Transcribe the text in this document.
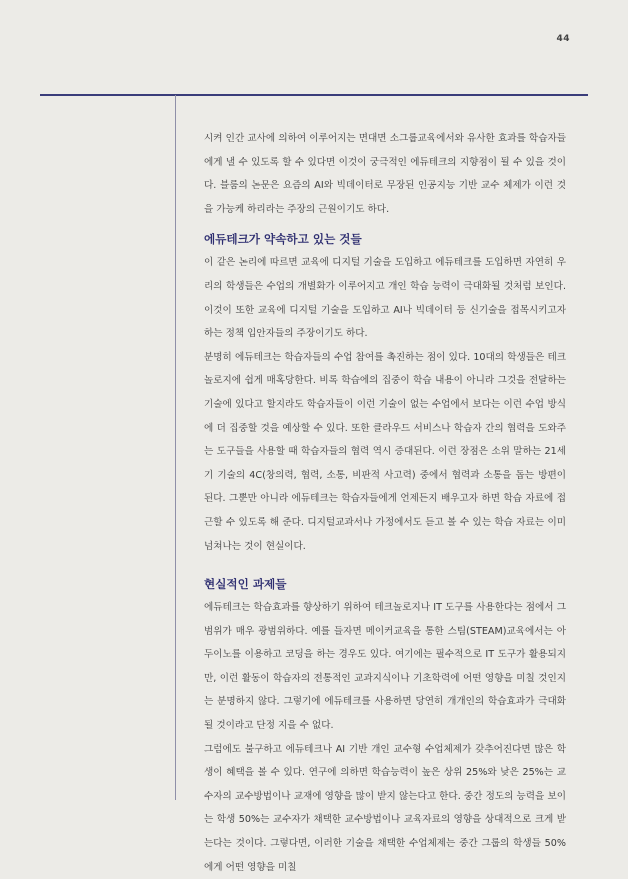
44

시켜 인간 교사에 의하여 이루어지는 면대면 소그룹교육에서와 유사한 효과를 학습자들에게 낼 수 있도록 할 수 있다면 이것이 궁극적인 에듀테크의 지향점이 될 수 있을 것이다. 블룸의 논문은 요즘의 AI와 빅데이터로 무장된 인공지능 기반 교수 체제가 이런 것을 가능케 하리라는 주장의 근원이기도 하다.

에듀테크가 약속하고 있는 것들

이 같은 논리에 따르면 교육에 디지털 기술을 도입하고 에듀테크를 도입하면 자연히 우리의 학생들은 수업의 개별화가 이루어지고 개인 학습 능력이 극대화될 것처럼 보인다. 이것이 또한 교육에 디지털 기술을 도입하고 AI나 빅데이터 등 신기술을 접목시키고자 하는 정책 입안자들의 주장이기도 하다.

분명히 에듀테크는 학습자들의 수업 참여를 촉진하는 점이 있다. 10대의 학생들은 테크놀로지에 쉽게 매혹당한다. 비록 학습에의 집중이 학습 내용이 아니라 그것을 전달하는 기술에 있다고 할지라도 학습자들이 이런 기술이 없는 수업에서 보다는 이런 수업 방식에 더 집중할 것을 예상할 수 있다. 또한 클라우드 서비스나 학습자 간의 협력을 도와주는 도구들을 사용할 때 학습자들의 협력 역시 증대된다. 이런 장점은 소위 말하는 21세기 기술의 4C(창의력, 협력, 소통, 비판적 사고력) 중에서 협력과 소통을 돕는 방편이 된다. 그뿐만 아니라 에듀테크는 학습자들에게 언제든지 배우고자 하면 학습 자료에 접근할 수 있도록 해 준다. 디지털교과서나 가정에서도 듣고 볼 수 있는 학습 자료는 이미 넘쳐나는 것이 현실이다.

현실적인 과제들

에듀테크는 학습효과를 향상하기 위하여 테크놀로지나 IT 도구를 사용한다는 점에서 그 범위가 매우 광범위하다. 예를 들자면 메이커교육을 통한 스팀(STEAM)교육에서는 아두이노를 이용하고 코딩을 하는 경우도 있다. 여기에는 필수적으로 IT 도구가 활용되지만, 이런 활동이 학습자의 전통적인 교과지식이나 기초학력에 어떤 영향을 미칠 것인지는 분명하지 않다. 그렇기에 에듀테크를 사용하면 당연히 개개인의 학습효과가 극대화될 것이라고 단정 지을 수 없다.

그럼에도 불구하고 에듀테크나 AI 기반 개인 교수형 수업체제가 갖추어진다면 많은 학생이 혜택을 볼 수 있다. 연구에 의하면 학습능력이 높은 상위 25%와 낮은 25%는 교수자의 교수방법이나 교재에 영향을 많이 받지 않는다고 한다. 중간 정도의 능력을 보이는 학생 50%는 교수자가 채택한 교수방법이나 교육자료의 영향을 상대적으로 크게 받는다는 것이다. 그렇다면, 이러한 기술을 채택한 수업체제는 중간 그룹의 학생들 50%에게 어떤 영향을 미칠
